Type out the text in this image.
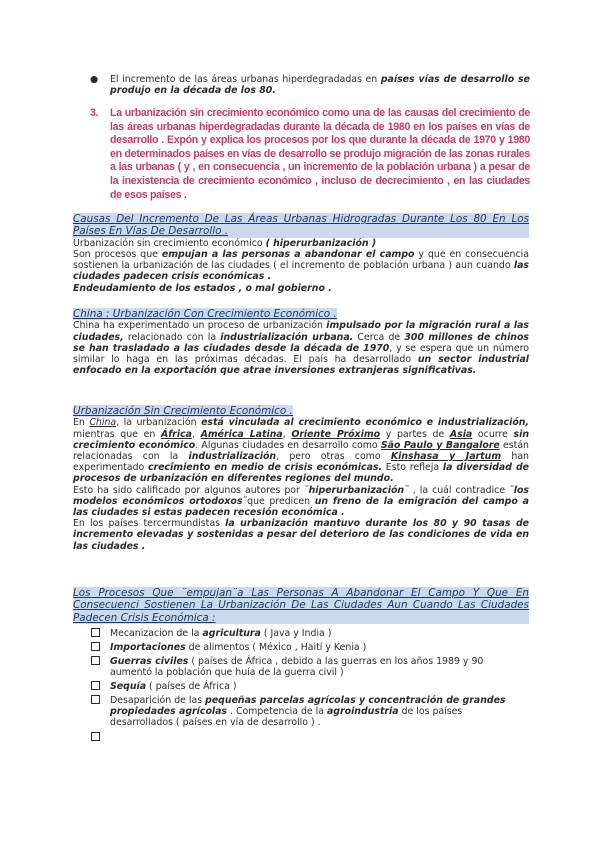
● El incremento de las áreas urbanas hiperdegradadas en países vías de desarrollo se produjo en la década de los 80.
3. La urbanización sin crecimiento económico como una de las causas del crecimiento de las áreas urbanas hiperdegradadas durante la década de 1980 en los países en vías de desarrollo . Expón y explica los procesos por los que durante la década de 1970 y 1980 en determinados países en vías de desarrollo se produjo migración de las zonas rurales a las urbanas ( y , en consecuencia , un incremento de la población urbana ) a pesar de la inexistencia de crecimiento económico , incluso de decrecimiento , en las ciudades de esos países .
Causas Del Incremento De Las Áreas Urbanas Hidrogradas Durante Los 80 En Los Países En Vías De Desarrollo .
Urbanización sin crecimiento económico ( hiperurbanización )
Son procesos que empujan a las personas a abandonar el campo y que en consecuencia sostienen la urbanización de las ciudades ( el incremento de población urbana ) aun cuando las ciudades padecen crisis económicas .
Endeudamiento de los estados , o mal gobierno .
China : Urbanización Con Crecimiento Económico .
China ha experimentado un proceso de urbanización impulsado por la migración rural a las ciudades, relacionado con la industrialización urbana. Cerca de 300 millones de chinos se han trasladado a las ciudades desde la década de 1970, y se espera que un número similar lo haga en las próximas décadas. El país ha desarrollado un sector industrial enfocado en la exportación que atrae inversiones extranjeras significativas.
Urbanización Sin Crecimiento Económico .
En China, la urbanización está vinculada al crecimiento económico e industrialización, mientras que en África, América Latina, Oriente Próximo y partes de Asia ocurre sin crecimiento económico. Algunas ciudades en desarrollo como São Paulo y Bangalore están relacionadas con la industrialización, pero otras como Kinshasa y Jartum han experimentado crecimiento en medio de crisis económicas. Esto refleja la diversidad de procesos de urbanización en diferentes regiones del mundo.
Esto ha sido calificado por algunos autores por ¨hiperurbanización¨ , la cuál contradice ¨los modelos económicos ortodoxos¨que predicen un freno de la emigración del campo a las ciudades si estas padecen recesión económica .
En los países tercermundistas la urbanización mantuvo durante los 80 y 90 tasas de incremento elevadas y sostenidas a pesar del deterioro de las condiciones de vida en las ciudades .
Los Procesos Que ¨empujan¨a Las Personas A Abandonar El Campo Y Que En Consecuenci Sostienen La Urbanización De Las Ciudades Aun Cuando Las Ciudades Padecen Crisis Económica :
Mecanizacion de la agricultura ( Java y India )
Importaciones de alimentos ( México , Haití y Kenia )
Guerras civiles ( países de África , debido a las guerras en los años 1989 y 90 aumentó la población que huía de la guerra civil )
Sequía ( países de África )
Desaparición de las pequeñas parcelas agrícolas y concentración de grandes propiedades agrícolas . Competencia de la agroindustria de los países desarrollados ( países en vía de desarrollo ) .
